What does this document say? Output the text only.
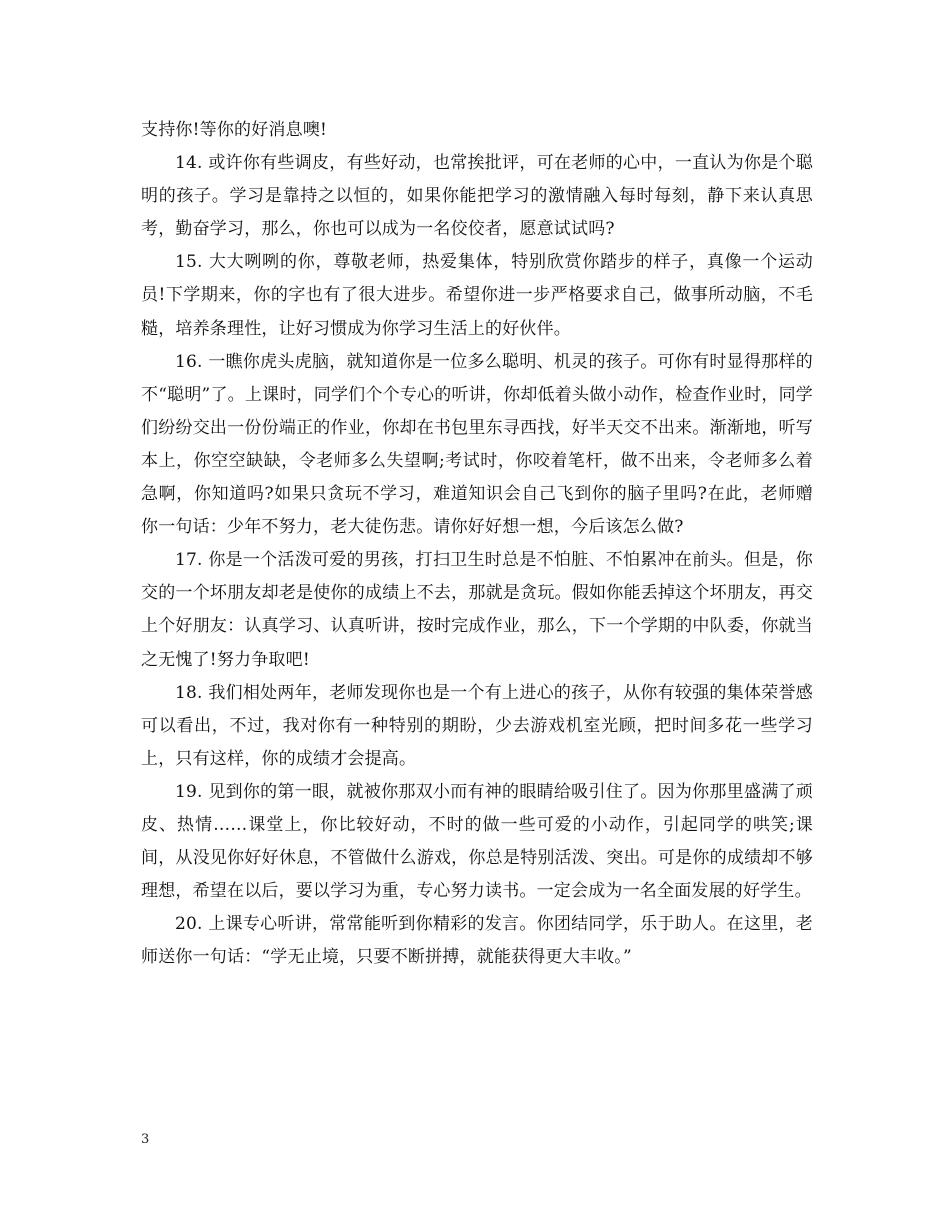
支持你!等你的好消息噢!

14. 或许你有些调皮，有些好动，也常挨批评，可在老师的心中，一直认为你是个聪明的孩子。学习是靠持之以恒的，如果你能把学习的激情融入每时每刻，静下来认真思考，勤奋学习，那么，你也可以成为一名佼佼者，愿意试试吗?

15. 大大咧咧的你，尊敬老师，热爱集体，特别欣赏你踏步的样子，真像一个运动员!下学期来，你的字也有了很大进步。希望你进一步严格要求自己，做事所动脑，不毛糙，培养条理性，让好习惯成为你学习生活上的好伙伴。

16. 一瞧你虎头虎脑，就知道你是一位多么聪明、机灵的孩子。可你有时显得那样的不“聪明”了。上课时，同学们个个专心的听讲，你却低着头做小动作，检查作业时，同学们纷纷交出一份份端正的作业，你却在书包里东寻西找，好半天交不出来。渐渐地，听写本上，你空空缺缺，令老师多么失望啊;考试时，你咬着笔杆，做不出来，令老师多么着急啊，你知道吗?如果只贪玩不学习，难道知识会自己飞到你的脑子里吗?在此，老师赠你一句话：少年不努力，老大徒伤悲。请你好好想一想，今后该怎么做?

17. 你是一个活泼可爱的男孩，打扫卫生时总是不怕脏、不怕累冲在前头。但是，你交的一个坏朋友却老是使你的成绩上不去，那就是贪玩。假如你能丢掉这个坏朋友，再交上个好朋友：认真学习、认真听讲，按时完成作业，那么，下一个学期的中队委，你就当之无愧了!努力争取吧!

18. 我们相处两年，老师发现你也是一个有上进心的孩子，从你有较强的集体荣誉感可以看出，不过，我对你有一种特别的期盼，少去游戏机室光顾，把时间多花一些学习上，只有这样，你的成绩才会提高。

19. 见到你的第一眼，就被你那双小而有神的眼睛给吸引住了。因为你那里盛满了顽皮、热情……课堂上，你比较好动，不时的做一些可爱的小动作，引起同学的哄笑;课间，从没见你好好休息，不管做什么游戏，你总是特别活泼、突出。可是你的成绩却不够理想，希望在以后，要以学习为重，专心努力读书。一定会成为一名全面发展的好学生。

20. 上课专心听讲，常常能听到你精彩的发言。你团结同学，乐于助人。在这里，老师送你一句话：“学无止境，只要不断拼搏，就能获得更大丰收。”

3
